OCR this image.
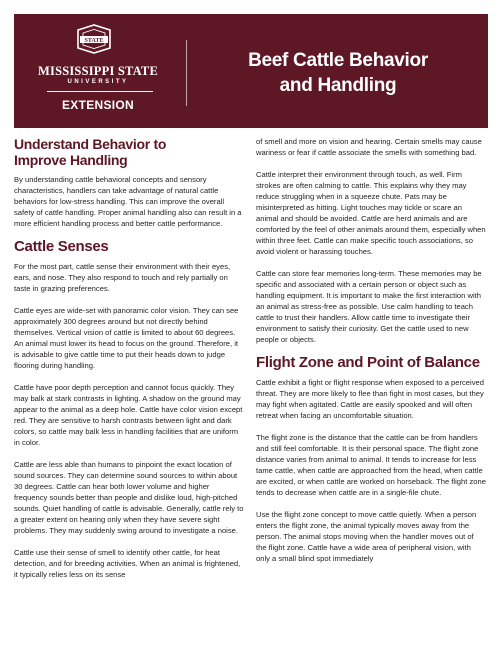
STATE
MISSISSIPPI STATE
UNIVERSITY
EXTENSION
Beef Cattle Behavior
and Handling
Understand Behavior to
Improve Handling

By understanding cattle behavioral concepts and sensory characteristics, handlers can take advantage of natural cattle behaviors for low-stress handling. This can improve the overall safety of cattle handling. Proper animal handling also can result in a more efficient handling process and better cattle performance.

Cattle Senses

For the most part, cattle sense their environment with their eyes, ears, and nose. They also respond to touch and rely partially on taste in grazing preferences.

Cattle eyes are wide-set with panoramic color vision. They can see approximately 300 degrees around but not directly behind themselves. Vertical vision of cattle is limited to about 60 degrees. An animal must lower its head to focus on the ground. Therefore, it is advisable to give cattle time to put their heads down to judge flooring during handling.

Cattle have poor depth perception and cannot focus quickly. They may balk at stark contrasts in lighting. A shadow on the ground may appear to the animal as a deep hole. Cattle have color vision except red. They are sensitive to harsh contrasts between light and dark colors, so cattle may balk less in handling facilities that are uniform in color.

Cattle are less able than humans to pinpoint the exact location of sound sources. They can determine sound sources to within about 30 degrees. Cattle can hear both lower volume and higher frequency sounds better than people and dislike loud, high-pitched sounds. Quiet handling of cattle is advisable. Generally, cattle rely to a greater extent on hearing only when they have severe sight problems. They may suddenly swing around to investigate a noise.

Cattle use their sense of smell to identify other cattle, for heat detection, and for breeding activities. When an animal is frightened, it typically relies less on its sense

of smell and more on vision and hearing. Certain smells may cause wariness or fear if cattle associate the smells with something bad.

Cattle interpret their environment through touch, as well. Firm strokes are often calming to cattle. This explains why they may reduce struggling when in a squeeze chute. Pats may be misinterpreted as hitting. Light touches may tickle or scare an animal and should be avoided. Cattle are herd animals and are comforted by the feel of other animals around them, especially when within three feet. Cattle can make specific touch associations, so avoid violent or harassing touches.

Cattle can store fear memories long-term. These memories may be specific and associated with a certain person or object such as handling equipment. It is important to make the first interaction with an animal as stress-free as possible. Use calm handling to teach cattle to trust their handlers. Allow cattle time to investigate their environment to satisfy their curiosity. Get the cattle used to new people or objects.

Flight Zone and Point of Balance

Cattle exhibit a fight or flight response when exposed to a perceived threat. They are more likely to flee than fight in most cases, but they may fight when agitated. Cattle are easily spooked and will often retreat when facing an uncomfortable situation.

The flight zone is the distance that the cattle can be from handlers and still feel comfortable. It is their personal space. The flight zone distance varies from animal to animal. It tends to increase for less tame cattle, when cattle are approached from the head, when cattle are excited, or when cattle are worked on horseback. The flight zone tends to decrease when cattle are in a single-file chute.

Use the flight zone concept to move cattle quietly. When a person enters the flight zone, the animal typically moves away from the person. The animal stops moving when the handler moves out of the flight zone. Cattle have a wide area of peripheral vision, with only a small blind spot immediately
